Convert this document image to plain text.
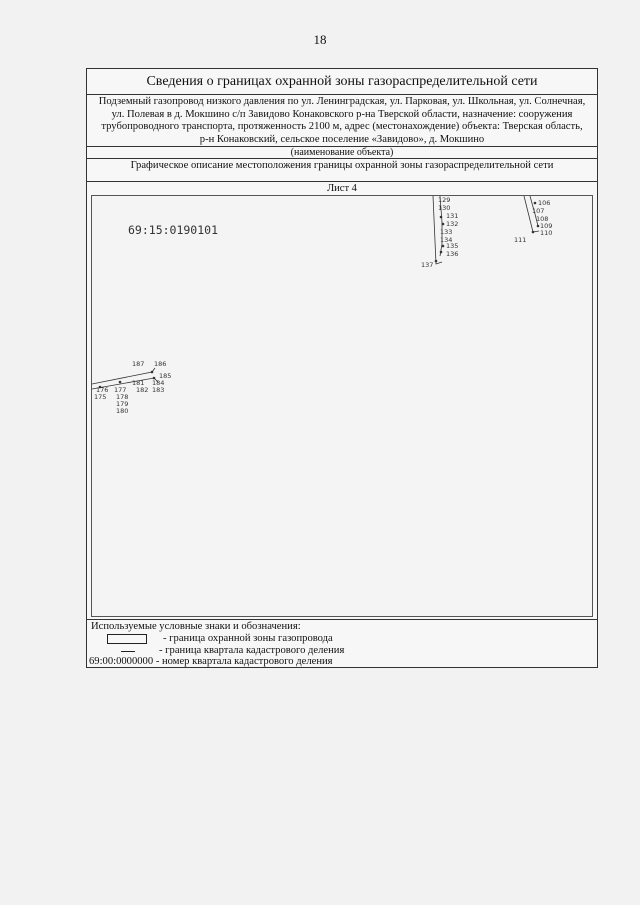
18
Сведения о границах охранной зоны газораспределительной сети
Подземный газопровод низкого давления по ул. Ленинградская, ул. Парковая, ул. Школьная, ул. Солнечная,
ул. Полевая в д. Мокшино с/п Завидово Конаковского р-на Тверской области, назначение: сооружения
трубопроводного транспорта, протяженность 2100 м, адрес (местонахождение) объекта: Тверская область,
р-н Конаковский, сельское поселение «Завидово», д. Мокшино
(наименование объекта)
Графическое описание местоположения границы охранной зоны газораспределительной сети
Лист 4
69:15:0190101
129
130
131
132
133
134
135
136
137
106
107
108
109
110
111
187 186
185
181 184
182 183
176 177
175 178
179
180
Используемые условные знаки и обозначения:
- граница охранной зоны газопровода
- граница квартала кадастрового деления
69:00:0000000 - номер квартала кадастрового деления
